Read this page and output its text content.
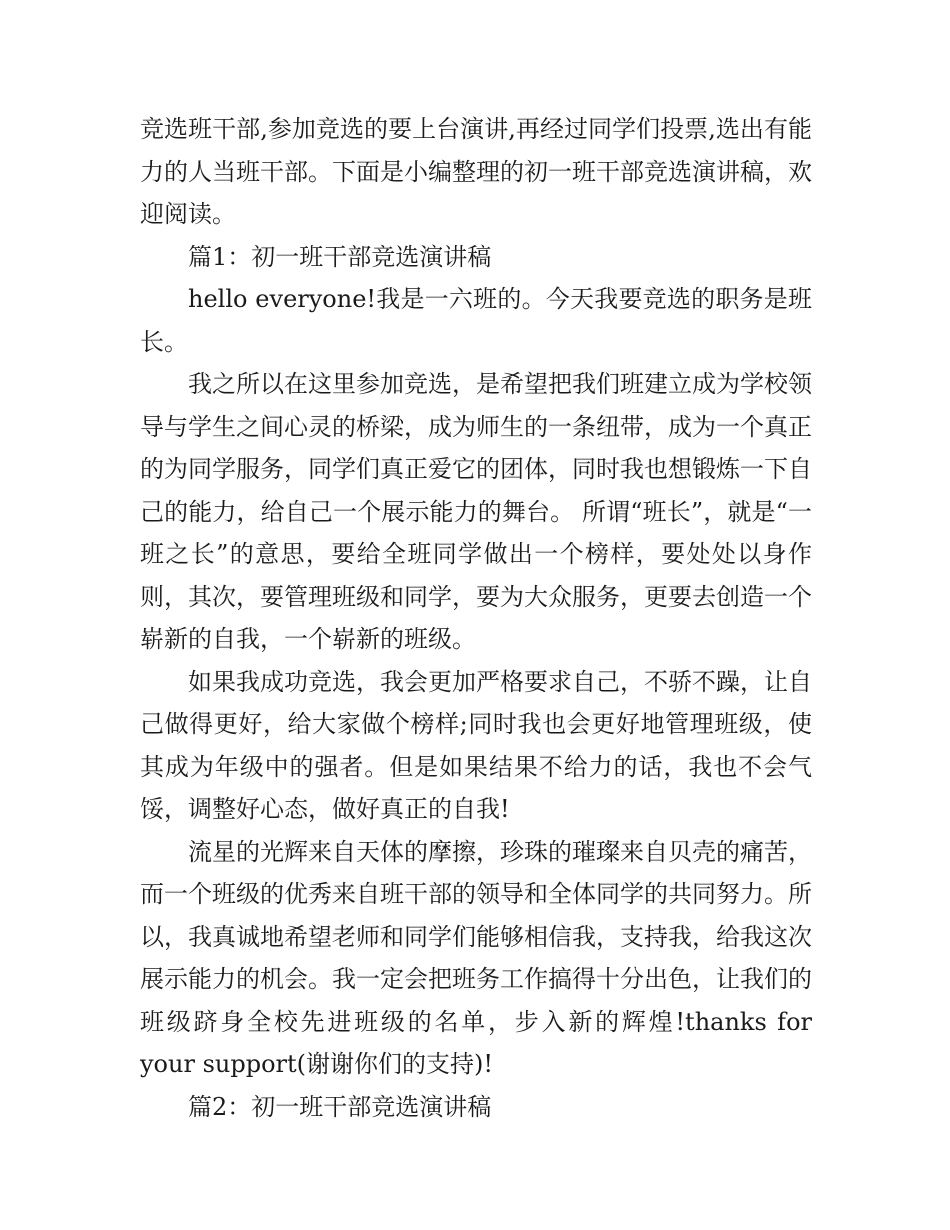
竞选班干部,参加竞选的要上台演讲,再经过同学们投票,选出有能力的人当班干部。下面是小编整理的初一班干部竞选演讲稿，欢迎阅读。

篇1：初一班干部竞选演讲稿

hello everyone!我是一六班的。今天我要竞选的职务是班长。

我之所以在这里参加竞选，是希望把我们班建立成为学校领导与学生之间心灵的桥梁，成为师生的一条纽带，成为一个真正的为同学服务，同学们真正爱它的团体，同时我也想锻炼一下自己的能力，给自己一个展示能力的舞台。 所谓“班长”，就是“一班之长”的意思，要给全班同学做出一个榜样，要处处以身作则，其次，要管理班级和同学，要为大众服务，更要去创造一个崭新的自我，一个崭新的班级。

如果我成功竞选，我会更加严格要求自己，不骄不躁，让自己做得更好，给大家做个榜样;同时我也会更好地管理班级，使其成为年级中的强者。但是如果结果不给力的话，我也不会气馁，调整好心态，做好真正的自我!

流星的光辉来自天体的摩擦，珍珠的璀璨来自贝壳的痛苦，而一个班级的优秀来自班干部的领导和全体同学的共同努力。所以，我真诚地希望老师和同学们能够相信我，支持我，给我这次展示能力的机会。我一定会把班务工作搞得十分出色，让我们的班级跻身全校先进班级的名单，步入新的辉煌!thanks for your support(谢谢你们的支持)!

篇2：初一班干部竞选演讲稿
